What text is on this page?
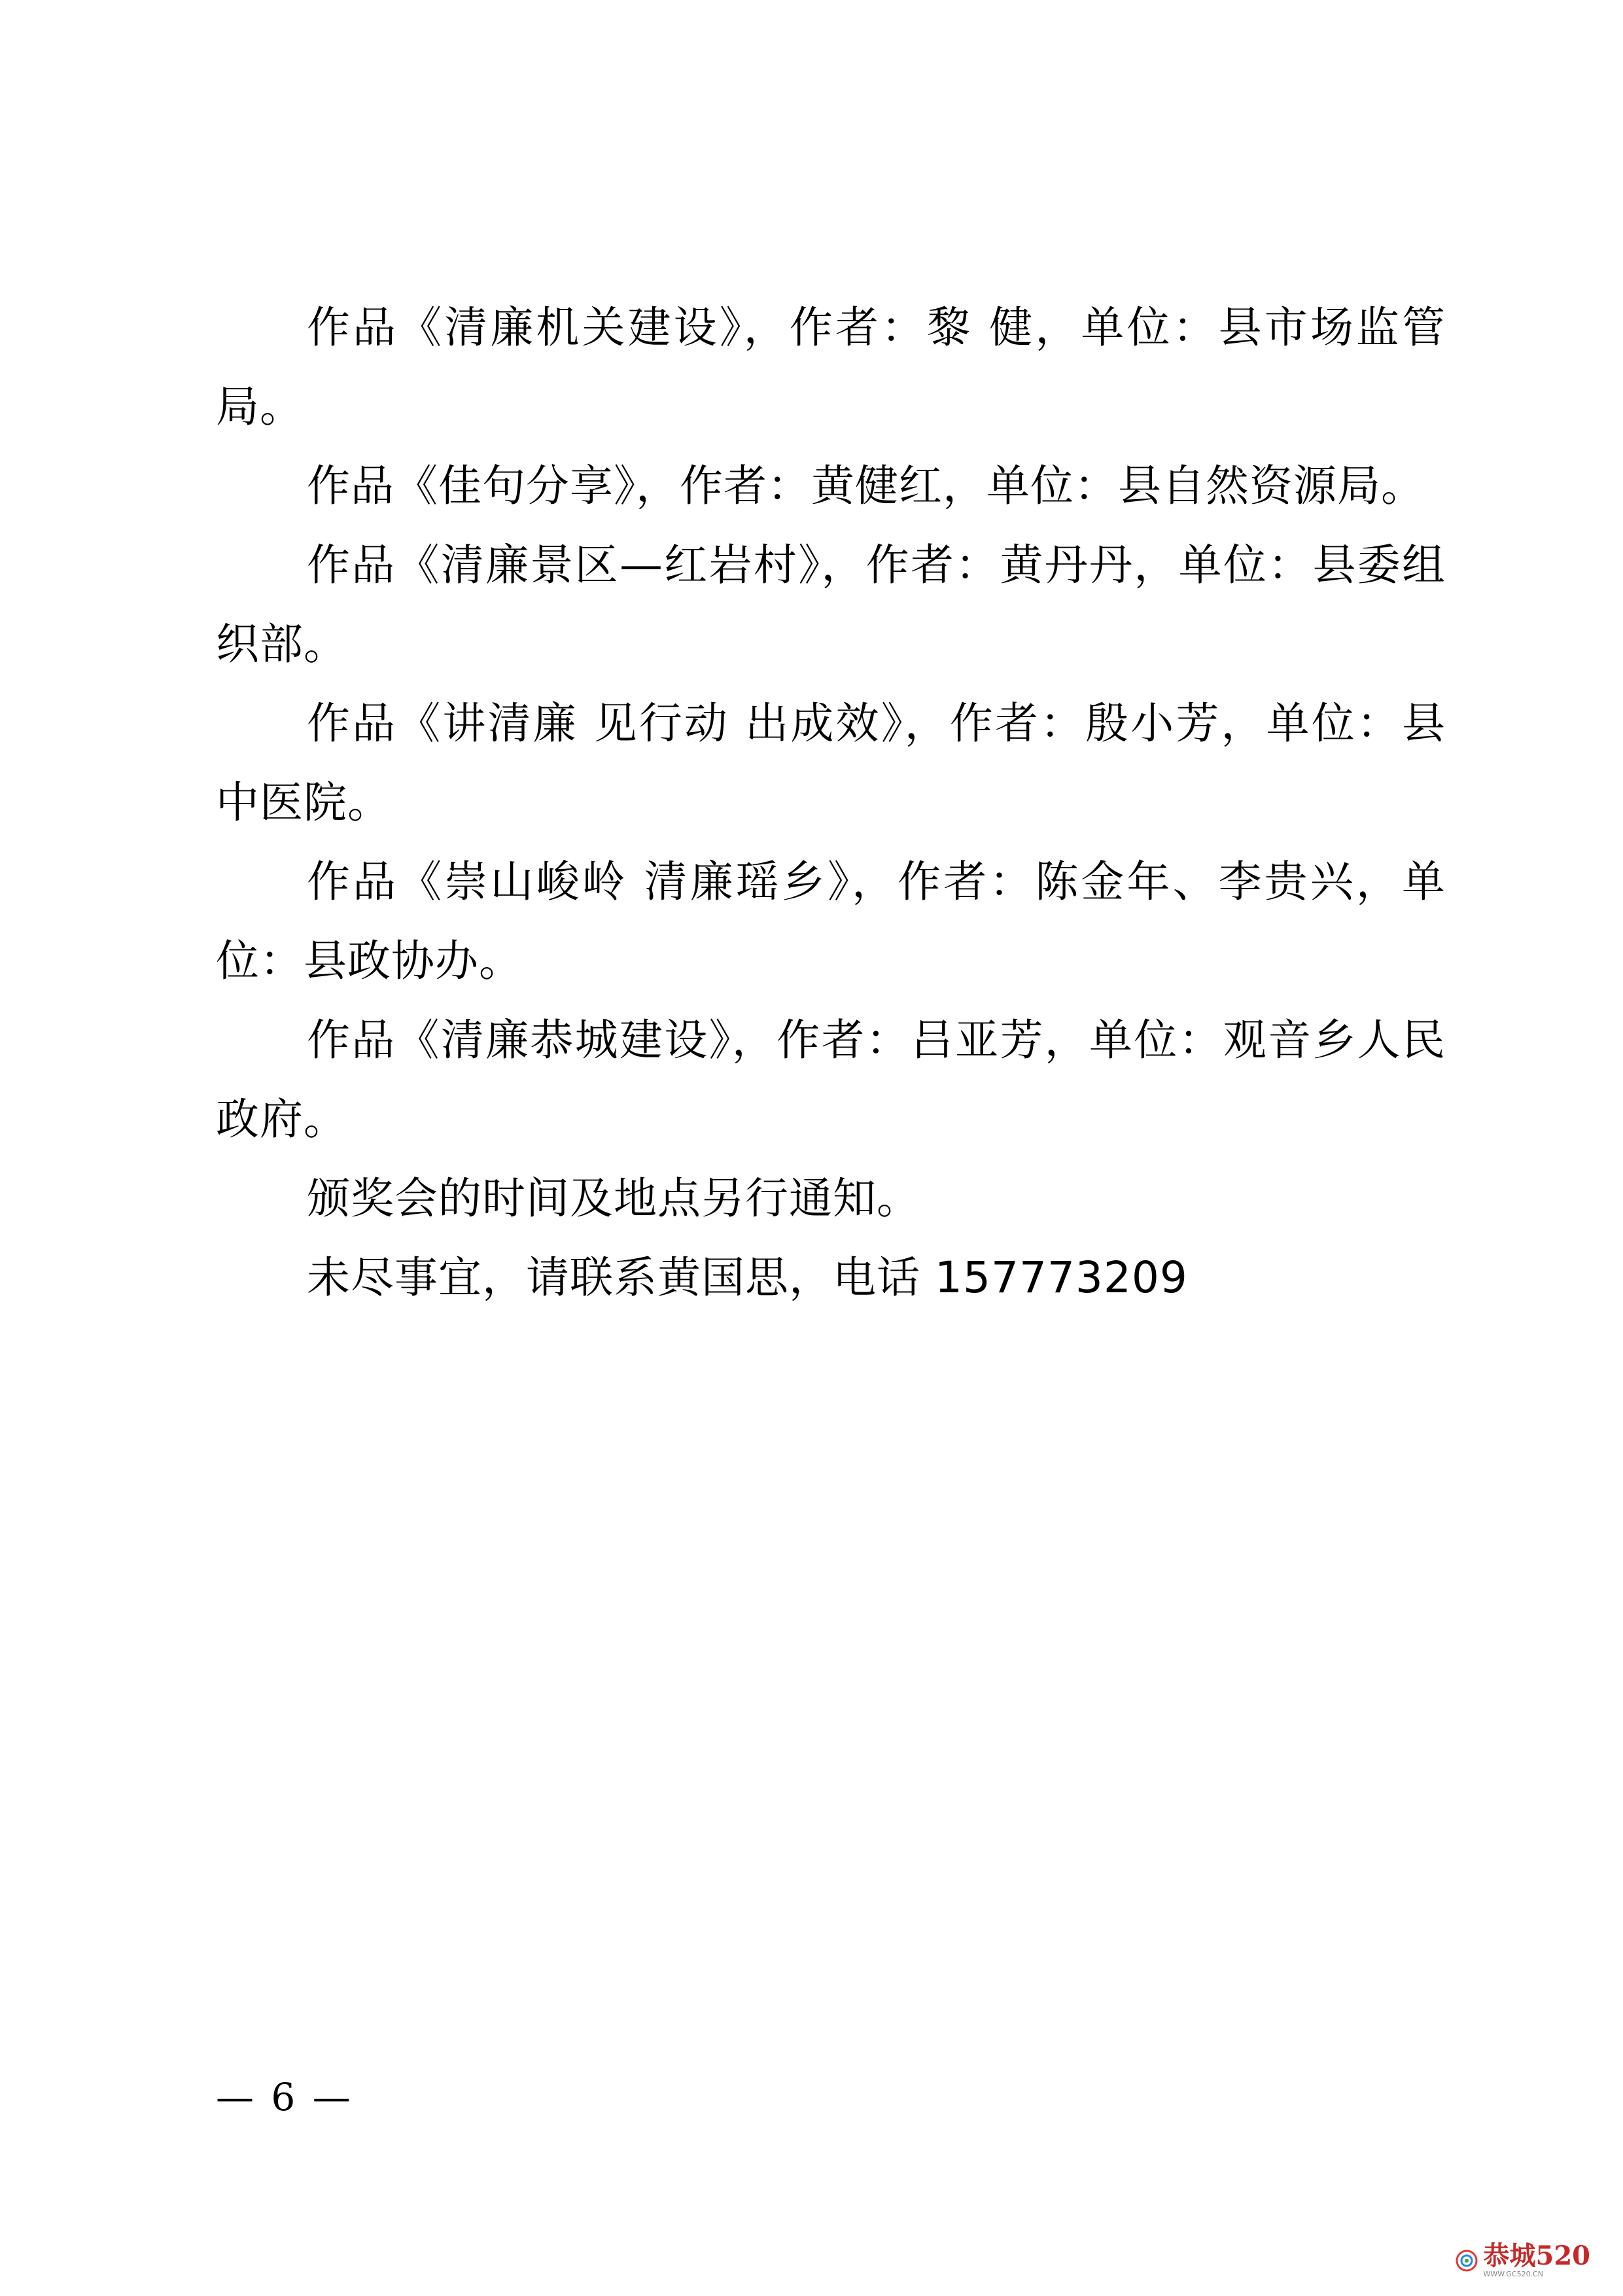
作品《清廉机关建设》，作者：黎 健，单位：县市场监管局。

作品《佳句分享》，作者：黄健红，单位：县自然资源局。

作品《清廉景区—红岩村》，作者：黄丹丹，单位：县委组织部。

作品《讲清廉 见行动 出成效》，作者：殷小芳，单位：县中医院。

作品《崇山峻岭 清廉瑶乡》，作者：陈金年、李贵兴，单位：县政协办。

作品《清廉恭城建设》，作者：吕亚芳，单位：观音乡人民政府。

颁奖会的时间及地点另行通知。

未尽事宜，请联系黄国思，电话 157773209

— 6 —
恭城520
WWW.GC520.CN
